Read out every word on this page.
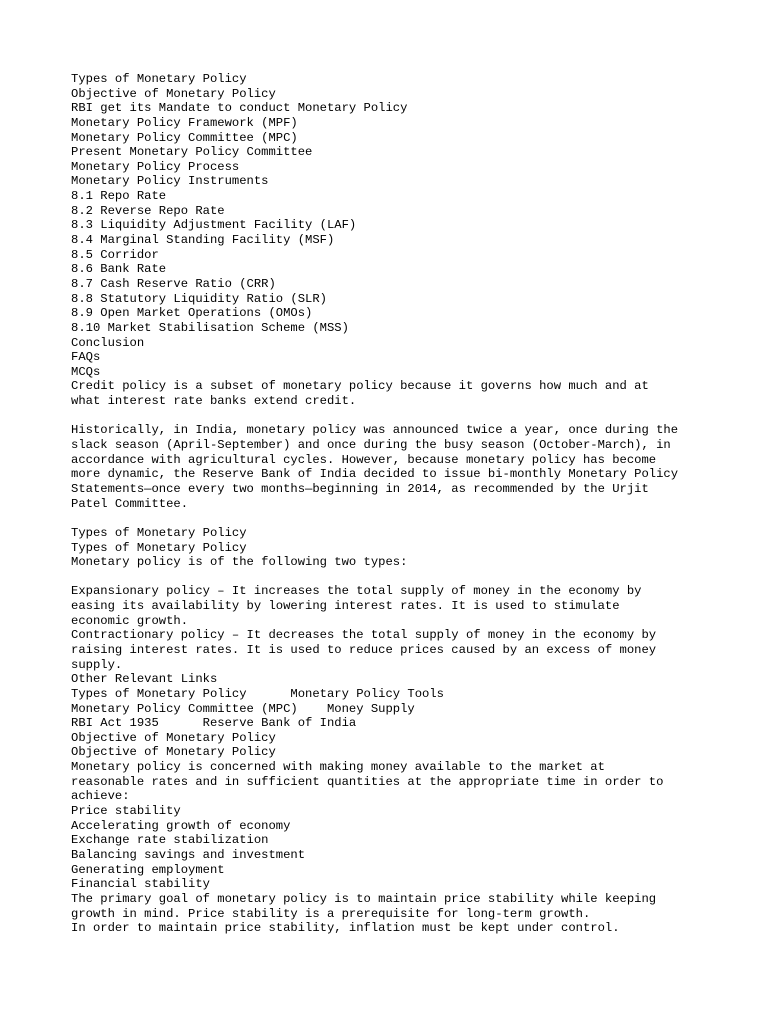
Types of Monetary Policy
Objective of Monetary Policy
RBI get its Mandate to conduct Monetary Policy
Monetary Policy Framework (MPF)
Monetary Policy Committee (MPC)
Present Monetary Policy Committee
Monetary Policy Process
Monetary Policy Instruments
8.1 Repo Rate
8.2 Reverse Repo Rate
8.3 Liquidity Adjustment Facility (LAF)
8.4 Marginal Standing Facility (MSF)
8.5 Corridor
8.6 Bank Rate
8.7 Cash Reserve Ratio (CRR)
8.8 Statutory Liquidity Ratio (SLR)
8.9 Open Market Operations (OMOs)
8.10 Market Stabilisation Scheme (MSS)
Conclusion
FAQs
MCQs
Credit policy is a subset of monetary policy because it governs how much and at
what interest rate banks extend credit.
Historically, in India, monetary policy was announced twice a year, once during the
slack season (April-September) and once during the busy season (October-March), in
accordance with agricultural cycles. However, because monetary policy has become
more dynamic, the Reserve Bank of India decided to issue bi-monthly Monetary Policy
Statements—once every two months—beginning in 2014, as recommended by the Urjit
Patel Committee.
Types of Monetary Policy
Types of Monetary Policy
Monetary policy is of the following two types:
Expansionary policy – It increases the total supply of money in the economy by
easing its availability by lowering interest rates. It is used to stimulate
economic growth.
Contractionary policy – It decreases the total supply of money in the economy by
raising interest rates. It is used to reduce prices caused by an excess of money
supply.
Other Relevant Links
Types of Monetary Policy      Monetary Policy Tools
Monetary Policy Committee (MPC)    Money Supply
RBI Act 1935      Reserve Bank of India
Objective of Monetary Policy
Objective of Monetary Policy
Monetary policy is concerned with making money available to the market at
reasonable rates and in sufficient quantities at the appropriate time in order to
achieve:
Price stability
Accelerating growth of economy
Exchange rate stabilization
Balancing savings and investment
Generating employment
Financial stability
The primary goal of monetary policy is to maintain price stability while keeping
growth in mind. Price stability is a prerequisite for long-term growth.
In order to maintain price stability, inflation must be kept under control.
